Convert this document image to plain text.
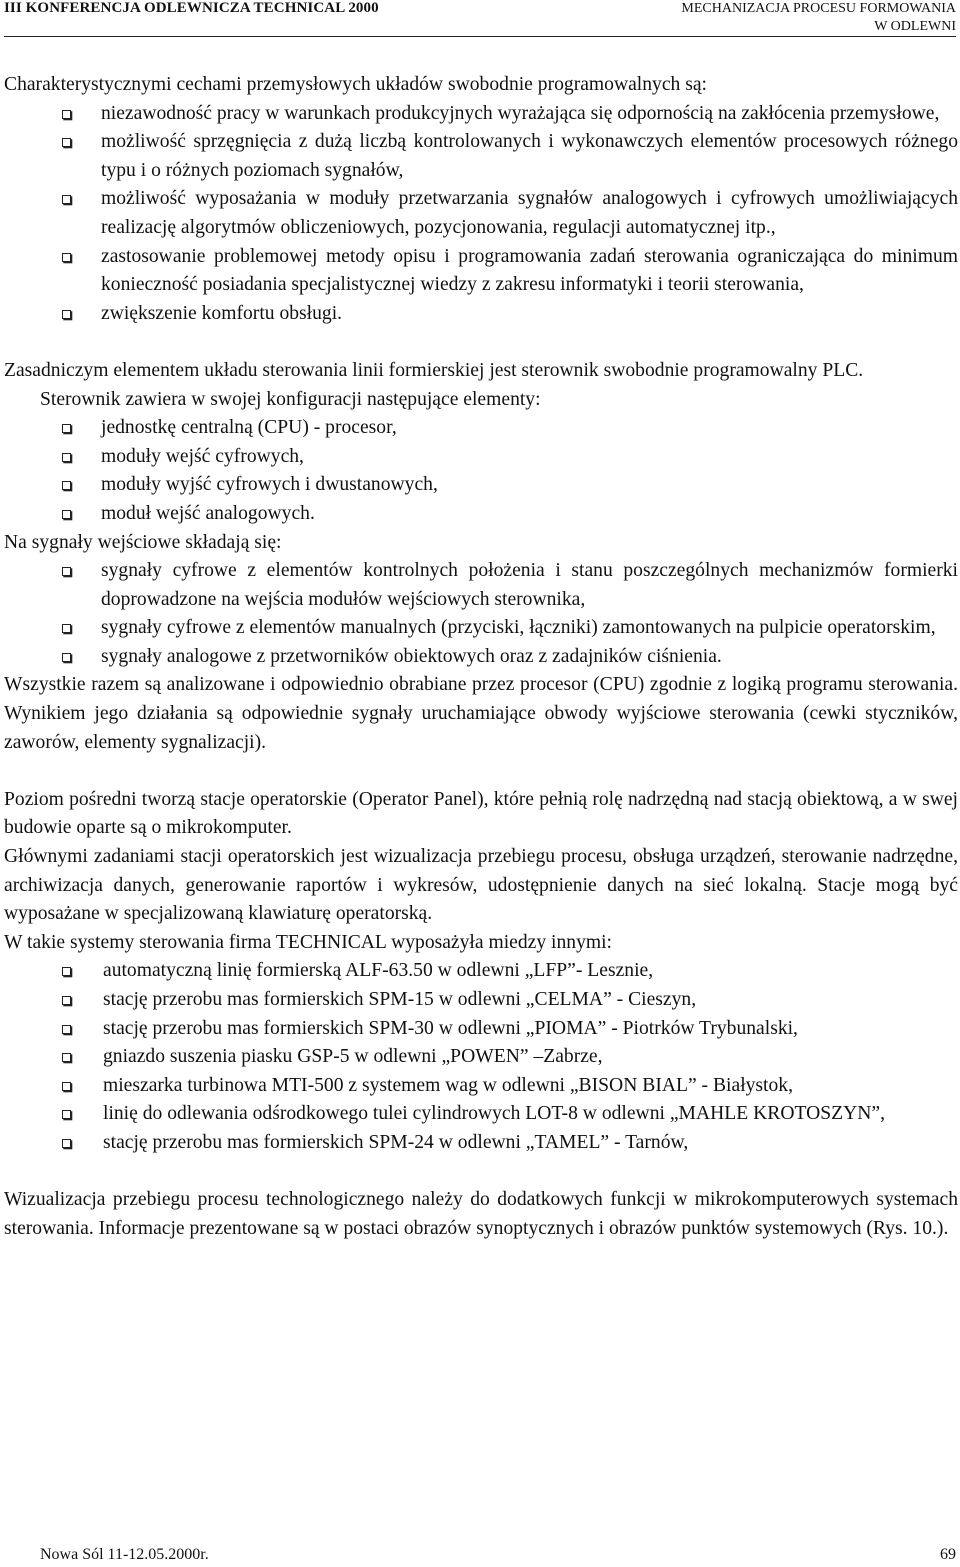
III KONFERENCJA ODLEWNICZA TECHNICAL 2000	MECHANIZACJA PROCESU FORMOWANIA
W ODLEWNI

Charakterystycznymi cechami przemysłowych układów swobodnie programowalnych są:

niezawodność pracy w warunkach produkcyjnych wyrażająca się odpornością na zakłócenia przemysłowe,
możliwość sprzęgnięcia z dużą liczbą kontrolowanych i wykonawczych elementów procesowych różnego typu i o różnych poziomach sygnałów,
możliwość wyposażania w moduły przetwarzania sygnałów analogowych i cyfrowych umożliwiających realizację algorytmów obliczeniowych, pozycjonowania, regulacji automatycznej itp.,
zastosowanie problemowej metody opisu i programowania zadań sterowania ograniczająca do minimum konieczność posiadania specjalistycznej wiedzy z zakresu informatyki i teorii sterowania,
zwiększenie komfortu obsługi.

Zasadniczym elementem układu sterowania linii formierskiej jest sterownik swobodnie programowalny PLC.

Sterownik zawiera w swojej konfiguracji następujące elementy:

jednostkę centralną (CPU) - procesor,
moduły wejść cyfrowych,
moduły wyjść cyfrowych i dwustanowych,
moduł wejść analogowych.

Na sygnały wejściowe składają się:

sygnały cyfrowe z elementów kontrolnych położenia i stanu poszczególnych mechanizmów formierki doprowadzone na wejścia modułów wejściowych sterownika,
sygnały cyfrowe z elementów manualnych (przyciski, łączniki) zamontowanych na pulpicie operatorskim,
sygnały analogowe z przetworników obiektowych oraz z zadajników ciśnienia.

Wszystkie razem są analizowane i odpowiednio obrabiane przez procesor (CPU) zgodnie z logiką programu sterowania. Wynikiem jego działania są odpowiednie sygnały uruchamiające obwody wyjściowe sterowania (cewki styczników, zaworów, elementy sygnalizacji).

Poziom pośredni tworzą stacje operatorskie (Operator Panel), które pełnią rolę nadrzędną nad stacją obiektową, a w swej budowie oparte są o mikrokomputer.

Głównymi zadaniami stacji operatorskich jest wizualizacja przebiegu procesu, obsługa urządzeń, sterowanie nadrzędne, archiwizacja danych, generowanie raportów i wykresów, udostępnienie danych na sieć lokalną. Stacje mogą być wyposażane w specjalizowaną klawiaturę operatorską.

W takie systemy sterowania firma TECHNICAL wyposażyła miedzy innymi:

automatyczną linię formierską ALF-63.50 w odlewni „LFP”- Lesznie,
stację przerobu mas formierskich SPM-15 w odlewni „CELMA” - Cieszyn,
stację przerobu mas formierskich SPM-30 w odlewni „PIOMA” - Piotrków Trybunalski,
gniazdo suszenia piasku GSP-5 w odlewni „POWEN” –Zabrze,
mieszarka turbinowa MTI-500 z systemem wag w odlewni „BISON BIAL” - Białystok,
linię do odlewania odśrodkowego tulei cylindrowych LOT-8 w odlewni „MAHLE KROTOSZYN”,
stację przerobu mas formierskich SPM-24 w odlewni „TAMEL” - Tarnów,

Wizualizacja przebiegu procesu technologicznego należy do dodatkowych funkcji w mikrokomputerowych systemach sterowania. Informacje prezentowane są w postaci obrazów synoptycznych i obrazów punktów systemowych (Rys. 10.).

Nowa Sól 11-12.05.2000r.	69
